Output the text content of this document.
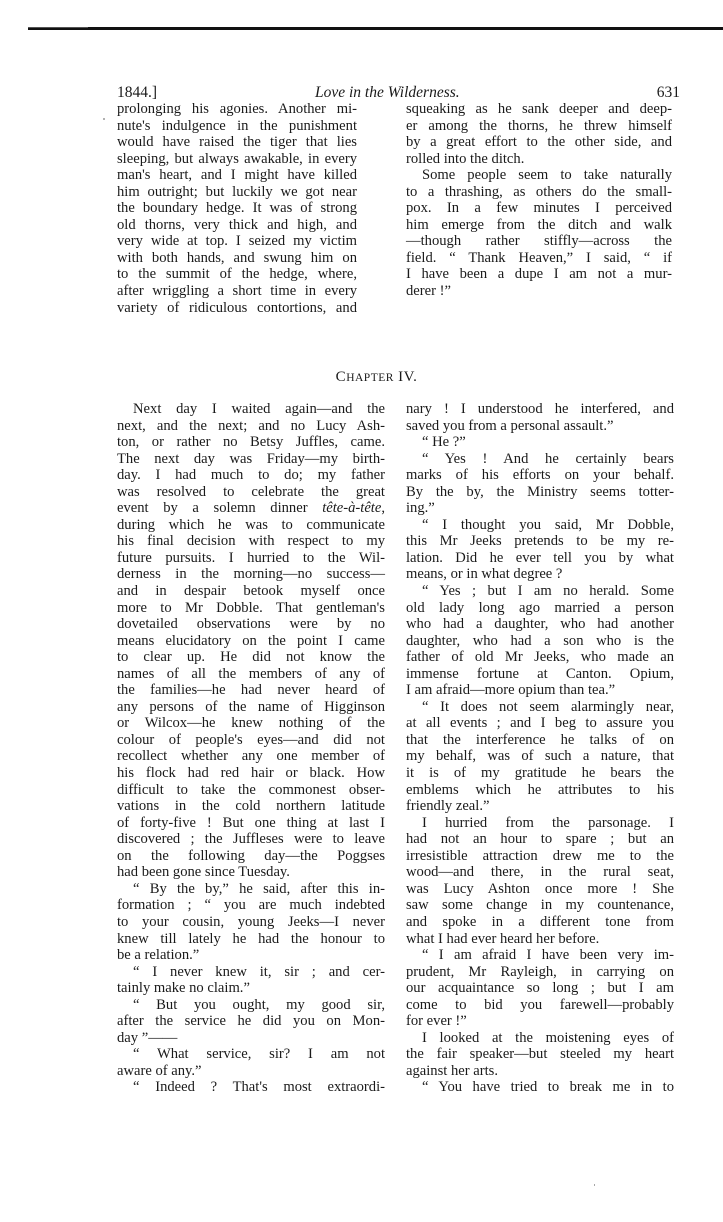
1844.]	Love in the Wilderness.	631
prolonging his agonies. Another mi-
nute's indulgence in the punishment
would have raised the tiger that lies
sleeping, but always awakable, in every
man's heart, and I might have killed
him outright; but luckily we got near
the boundary hedge. It was of strong
old thorns, very thick and high, and
very wide at top. I seized my victim
with both hands, and swung him on
to the summit of the hedge, where,
after wriggling a short time in every
variety of ridiculous contortions, and
squeaking as he sank deeper and deep-
er among the thorns, he threw himself
by a great effort to the other side, and
rolled into the ditch.
Some people seem to take naturally
to a thrashing, as others do the small-
pox. In a few minutes I perceived
him emerge from the ditch and walk
—though rather stiffly—across the
field. “ Thank Heaven,” I said, “ if
I have been a dupe I am not a mur-
derer !”
CHAPTER IV.
Next day I waited again—and the
next, and the next; and no Lucy Ash-
ton, or rather no Betsy Juffles, came.
The next day was Friday—my birth-
day. I had much to do; my father
was resolved to celebrate the great
event by a solemn dinner tête-à-tête,
during which he was to communicate
his final decision with respect to my
future pursuits. I hurried to the Wil-
derness in the morning—no success—
and in despair betook myself once
more to Mr Dobble. That gentleman's
dovetailed observations were by no
means elucidatory on the point I came
to clear up. He did not know the
names of all the members of any of
the families—he had never heard of
any persons of the name of Higginson
or Wilcox—he knew nothing of the
colour of people's eyes—and did not
recollect whether any one member of
his flock had red hair or black. How
difficult to take the commonest obser-
vations in the cold northern latitude
of forty-five ! But one thing at last I
discovered ; the Juffleses were to leave
on the following day—the Poggses
had been gone since Tuesday.
“ By the by,” he said, after this in-
formation ; “ you are much indebted
to your cousin, young Jeeks—I never
knew till lately he had the honour to
be a relation.”
“ I never knew it, sir ; and cer-
tainly make no claim.”
“ But you ought, my good sir,
after the service he did you on Mon-
day ”——
“ What service, sir? I am not
aware of any.”
“ Indeed ? That's most extraordi-
nary ! I understood he interfered, and
saved you from a personal assault.”
“ He ?”
“ Yes ! And he certainly bears
marks of his efforts on your behalf.
By the by, the Ministry seems totter-
ing.”
“ I thought you said, Mr Dobble,
this Mr Jeeks pretends to be my re-
lation. Did he ever tell you by what
means, or in what degree ?
“ Yes ; but I am no herald. Some
old lady long ago married a person
who had a daughter, who had another
daughter, who had a son who is the
father of old Mr Jeeks, who made an
immense fortune at Canton. Opium,
I am afraid—more opium than tea.”
“ It does not seem alarmingly near,
at all events ; and I beg to assure you
that the interference he talks of on
my behalf, was of such a nature, that
it is of my gratitude he bears the
emblems which he attributes to his
friendly zeal.”
I hurried from the parsonage. I
had not an hour to spare ; but an
irresistible attraction drew me to the
wood—and there, in the rural seat,
was Lucy Ashton once more ! She
saw some change in my countenance,
and spoke in a different tone from
what I had ever heard her before.
“ I am afraid I have been very im-
prudent, Mr Rayleigh, in carrying on
our acquaintance so long ; but I am
come to bid you farewell—probably
for ever !”
I looked at the moistening eyes of
the fair speaker—but steeled my heart
against her arts.
“ You have tried to break me in to
